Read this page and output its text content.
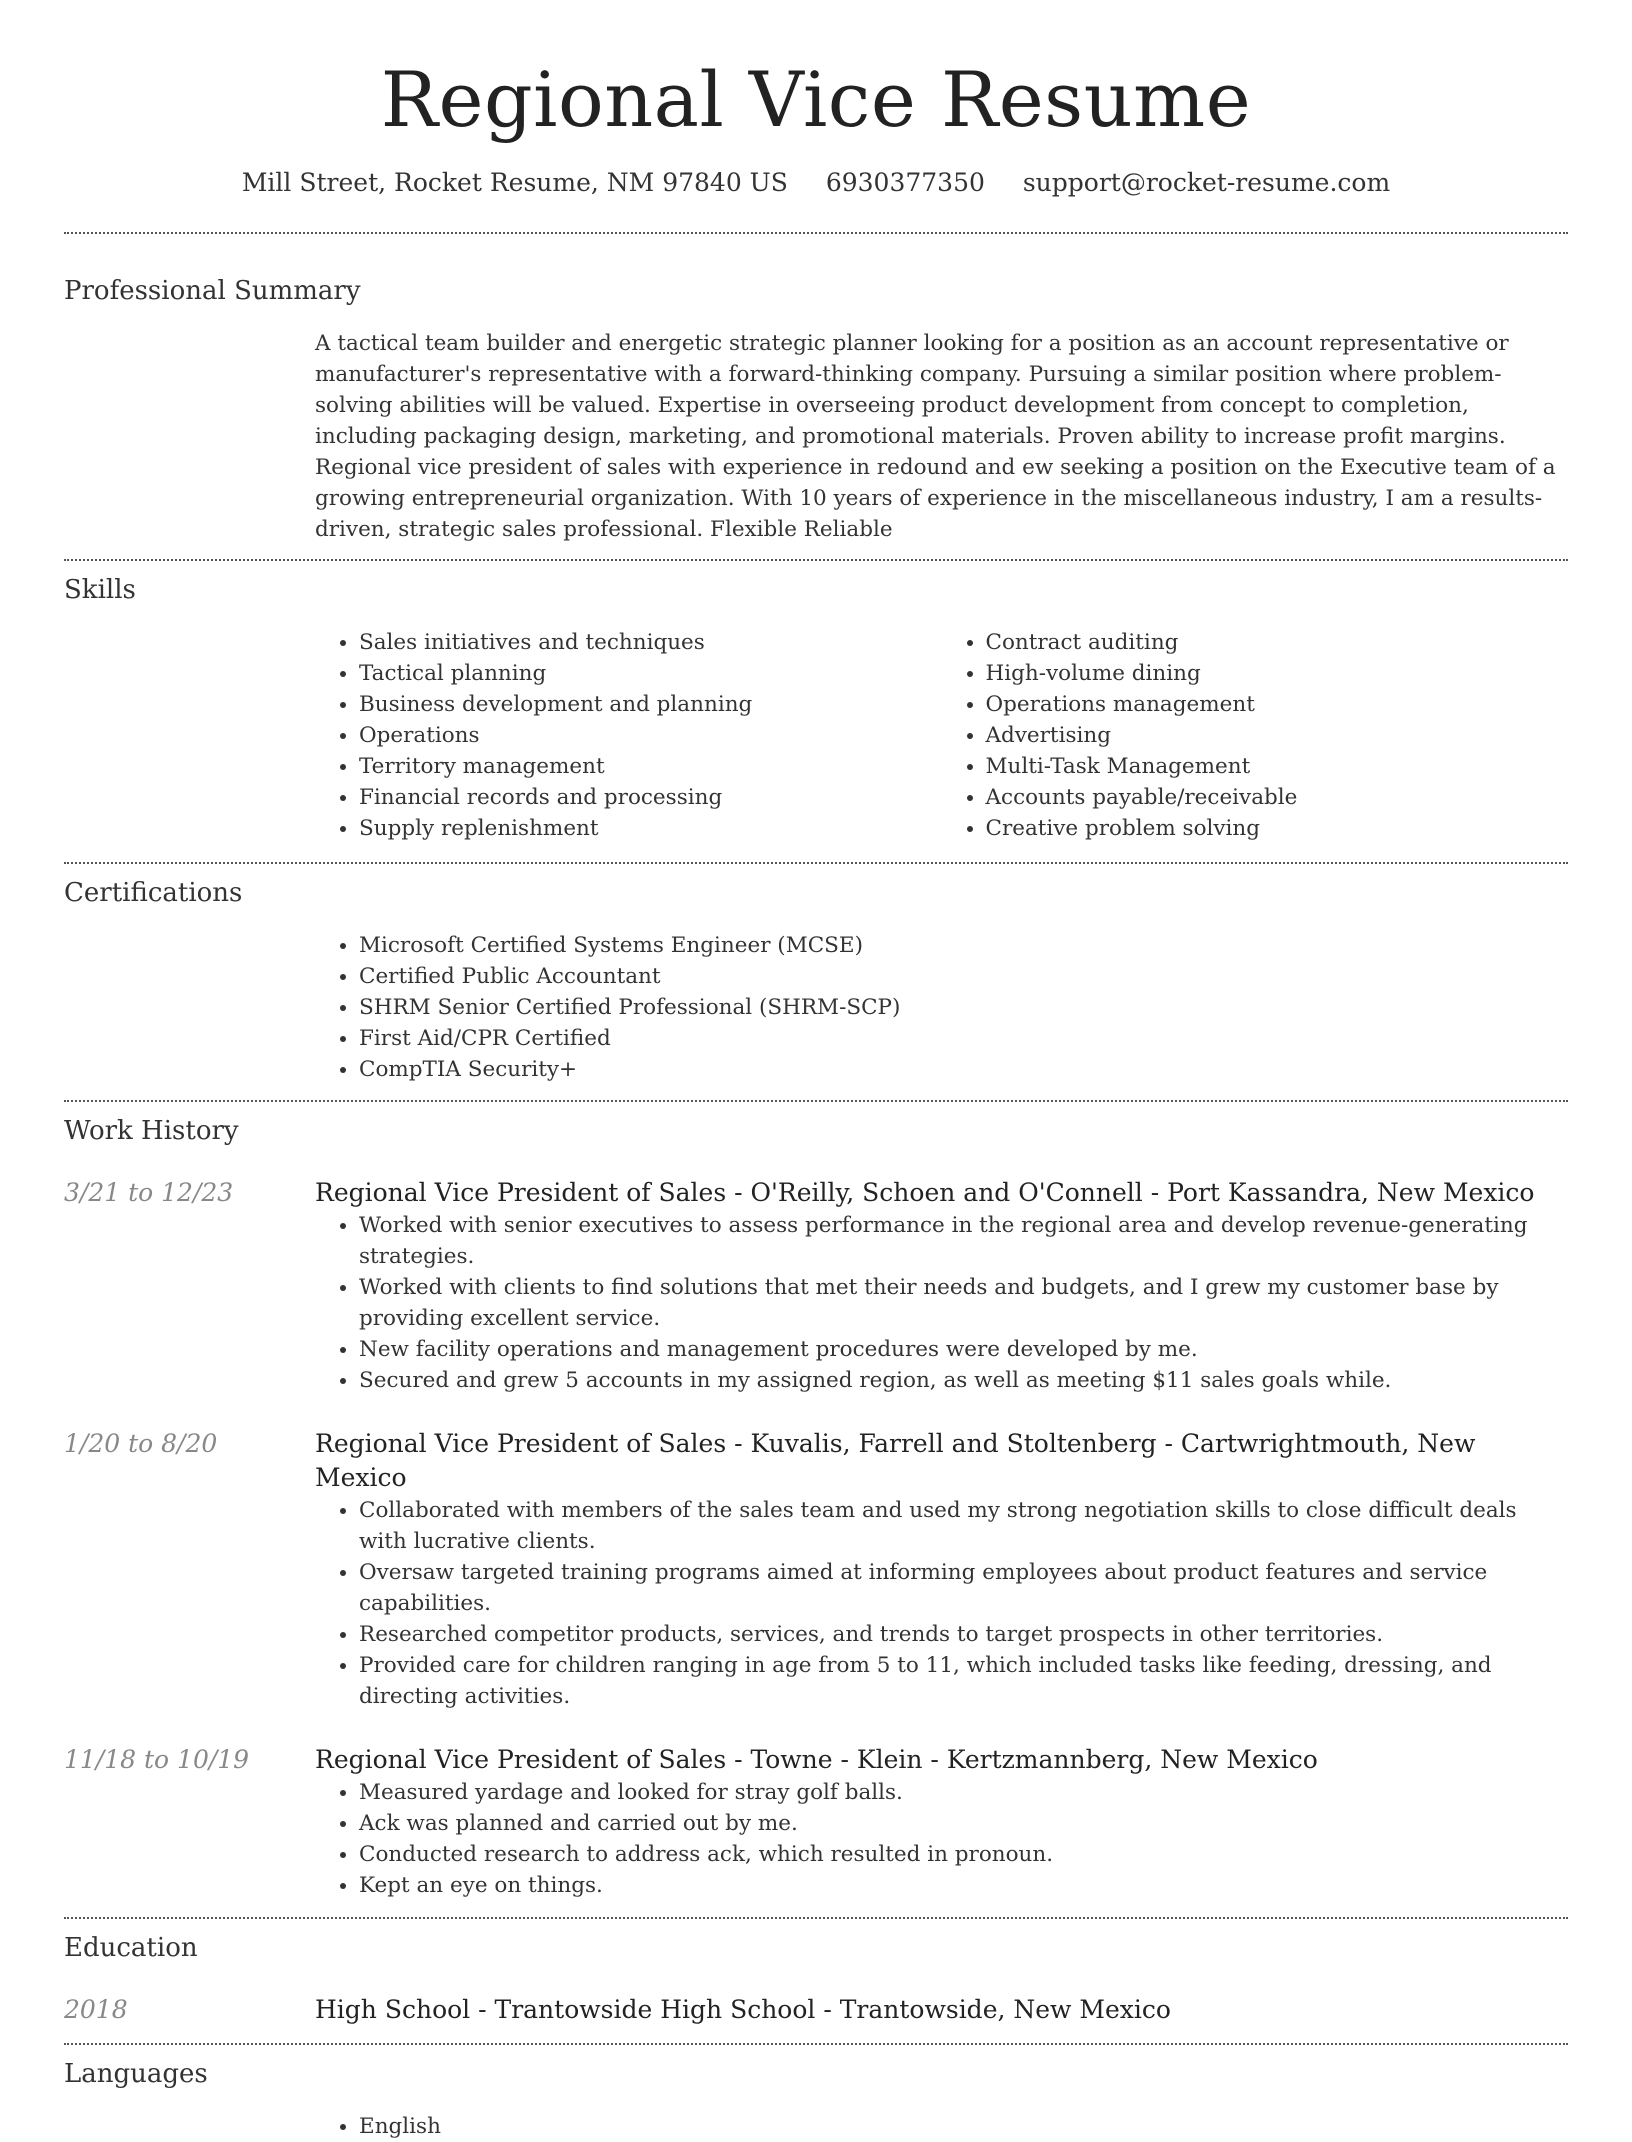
Regional Vice Resume
Mill Street, Rocket Resume, NM 97840 US 6930377350 support@rocket-resume.com
Professional Summary
A tactical team builder and energetic strategic planner looking for a position as an account representative or manufacturer's representative with a forward-thinking company. Pursuing a similar position where problem-solving abilities will be valued. Expertise in overseeing product development from concept to completion, including packaging design, marketing, and promotional materials. Proven ability to increase profit margins. Regional vice president of sales with experience in redound and ew seeking a position on the Executive team of a growing entrepreneurial organization. With 10 years of experience in the miscellaneous industry, I am a results-driven, strategic sales professional. Flexible Reliable
Skills
• Sales initiatives and techniques
• Tactical planning
• Business development and planning
• Operations
• Territory management
• Financial records and processing
• Supply replenishment
• Contract auditing
• High-volume dining
• Operations management
• Advertising
• Multi-Task Management
• Accounts payable/receivable
• Creative problem solving
Certifications
• Microsoft Certified Systems Engineer (MCSE)
• Certified Public Accountant
• SHRM Senior Certified Professional (SHRM-SCP)
• First Aid/CPR Certified
• CompTIA Security+
Work History
3/21 to 12/23	Regional Vice President of Sales - O'Reilly, Schoen and O'Connell - Port Kassandra, New Mexico
• Worked with senior executives to assess performance in the regional area and develop revenue-generating strategies.
• Worked with clients to find solutions that met their needs and budgets, and I grew my customer base by providing excellent service.
• New facility operations and management procedures were developed by me.
• Secured and grew 5 accounts in my assigned region, as well as meeting $11 sales goals while.
1/20 to 8/20	Regional Vice President of Sales - Kuvalis, Farrell and Stoltenberg - Cartwrightmouth, New Mexico
• Collaborated with members of the sales team and used my strong negotiation skills to close difficult deals with lucrative clients.
• Oversaw targeted training programs aimed at informing employees about product features and service capabilities.
• Researched competitor products, services, and trends to target prospects in other territories.
• Provided care for children ranging in age from 5 to 11, which included tasks like feeding, dressing, and directing activities.
11/18 to 10/19	Regional Vice President of Sales - Towne - Klein - Kertzmannberg, New Mexico
• Measured yardage and looked for stray golf balls.
• Ack was planned and carried out by me.
• Conducted research to address ack, which resulted in pronoun.
• Kept an eye on things.
Education
2018	High School - Trantowside High School - Trantowside, New Mexico
Languages
• English
